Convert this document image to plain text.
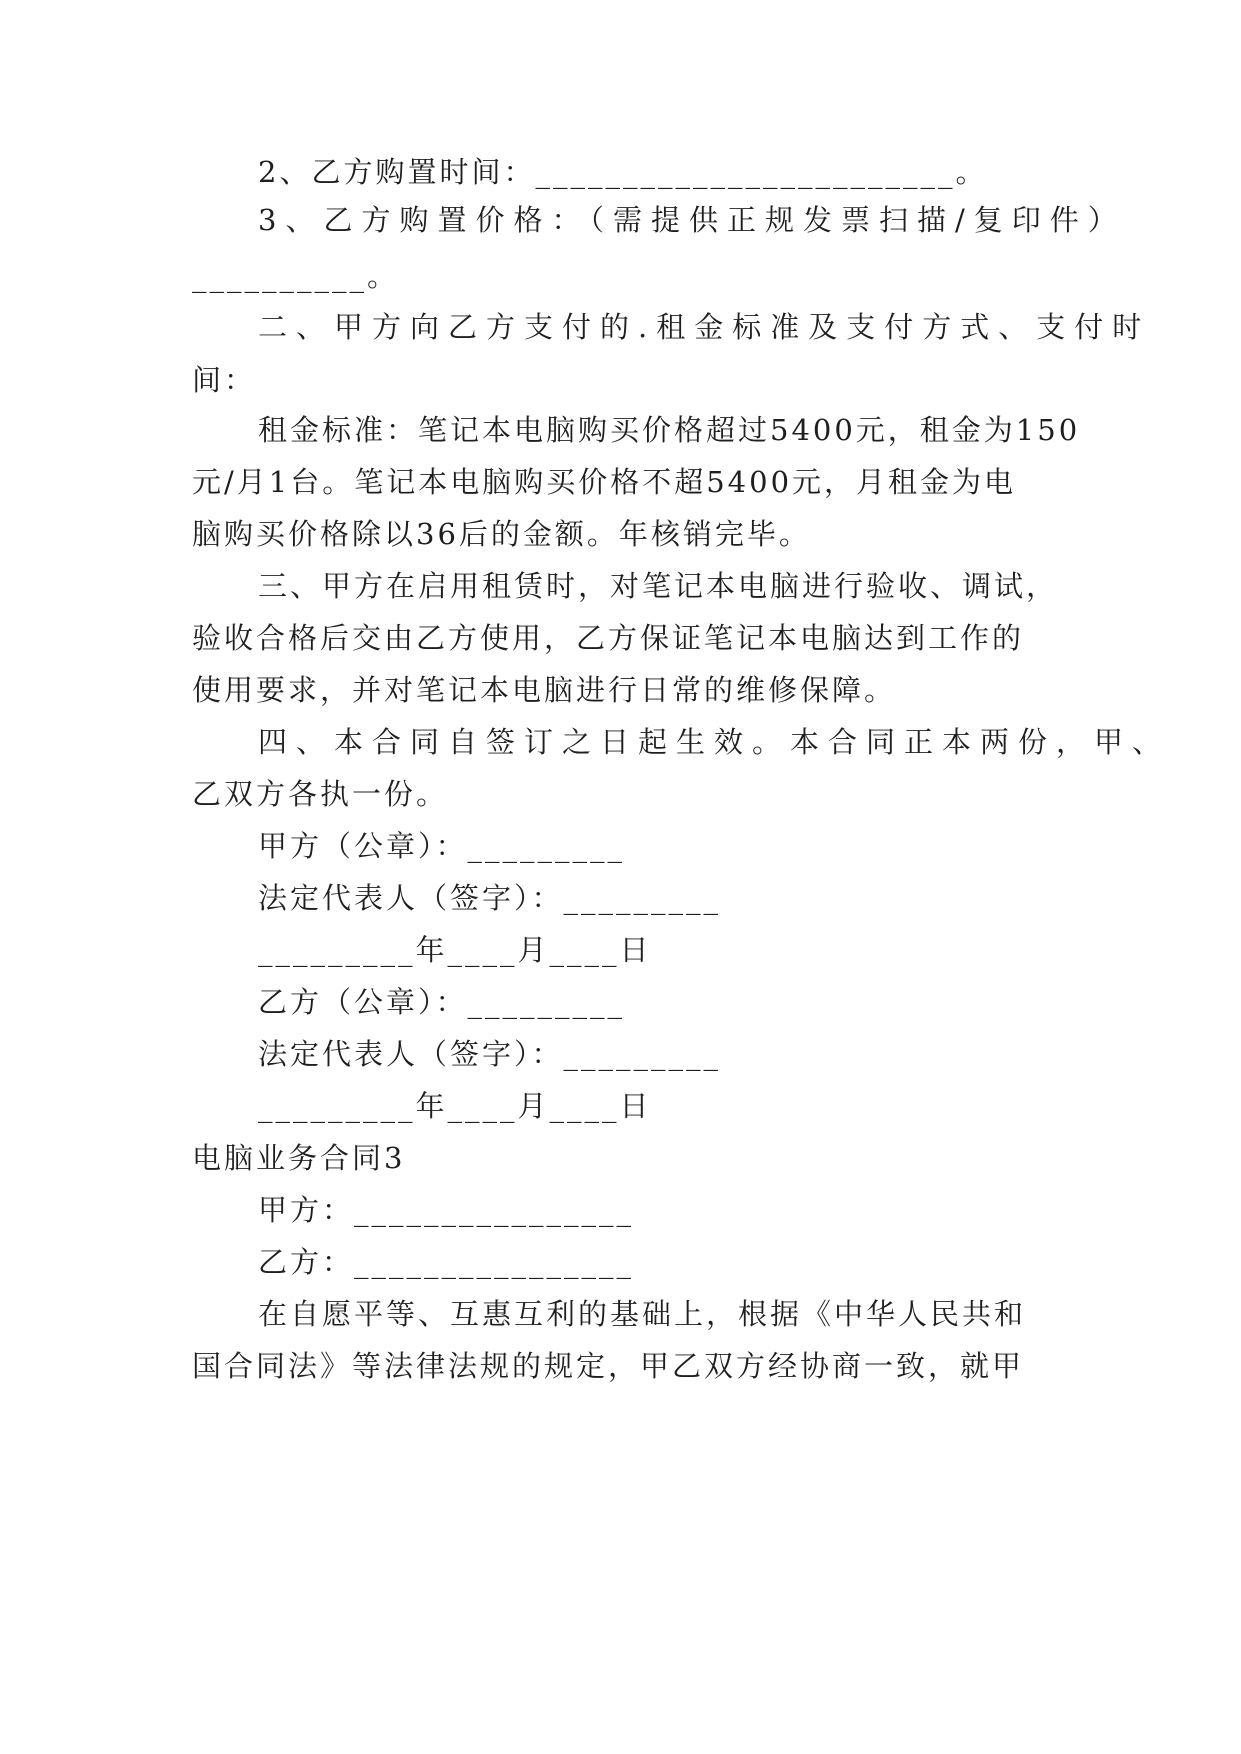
2、乙方购置时间：________________________。
3、乙方购置价格：（需提供正规发票扫描/复印件）
__________。
二、甲方向乙方支付的.租金标准及支付方式、支付时
间：
租金标准：笔记本电脑购买价格超过5400元，租金为150
元/月1台。笔记本电脑购买价格不超5400元，月租金为电
脑购买价格除以36后的金额。年核销完毕。
三、甲方在启用租赁时，对笔记本电脑进行验收、调试，
验收合格后交由乙方使用，乙方保证笔记本电脑达到工作的
使用要求，并对笔记本电脑进行日常的维修保障。
四、本合同自签订之日起生效。本合同正本两份，甲、
乙双方各执一份。
甲方（公章）：_________
法定代表人（签字）：_________
_________年____月____日
乙方（公章）：_________
法定代表人（签字）：_________
_________年____月____日
电脑业务合同3
甲方：________________
乙方：________________
在自愿平等、互惠互利的基础上，根据《中华人民共和
国合同法》等法律法规的规定，甲乙双方经协商一致，就甲
